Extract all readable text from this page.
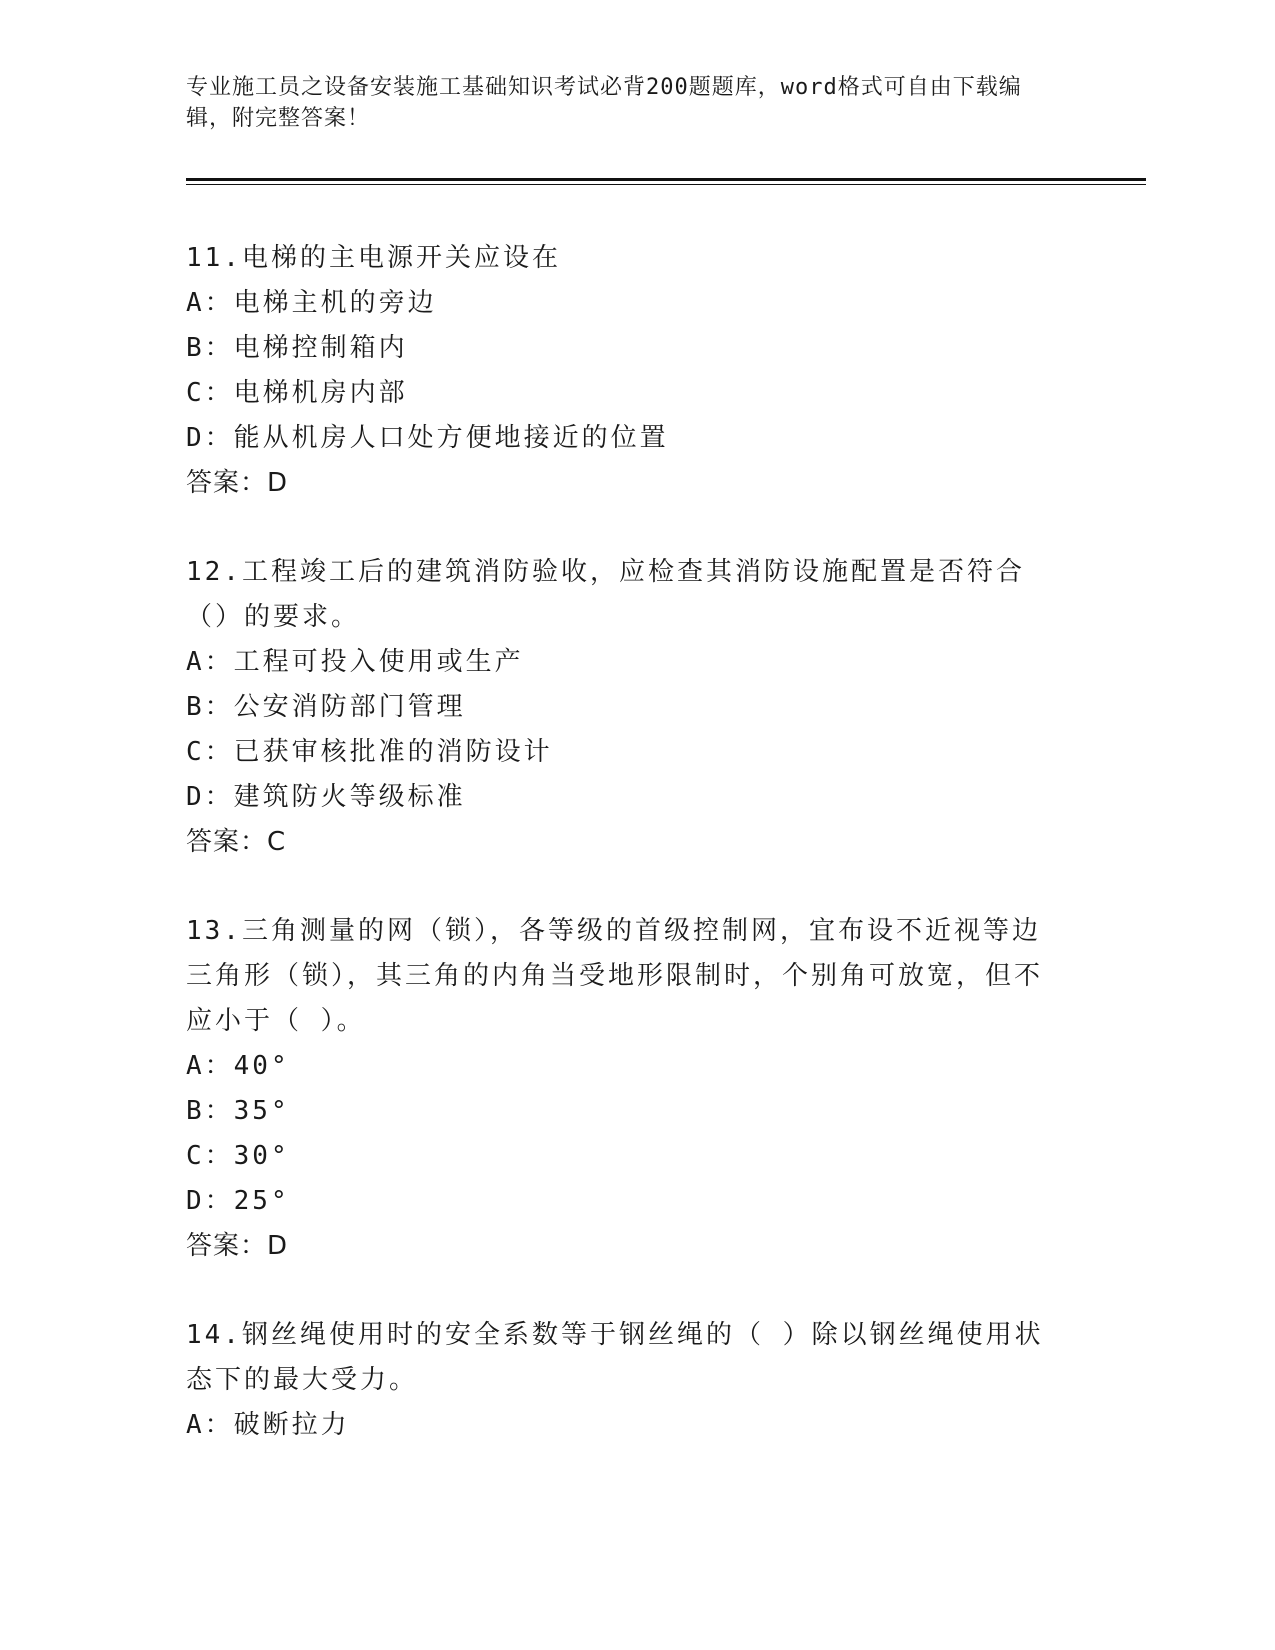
专业施工员之设备安装施工基础知识考试必背200题题库，word格式可自由下载编辑，附完整答案！

11.电梯的主电源开关应设在

A：电梯主机的旁边

B：电梯控制箱内

C：电梯机房内部

D：能从机房人口处方便地接近的位置

答案：D

12.工程竣工后的建筑消防验收，应检查其消防设施配置是否符合（）的要求。

A：工程可投入使用或生产

B：公安消防部门管理

C：已获审核批准的消防设计

D：建筑防火等级标准

答案：C

13.三角测量的网（锁），各等级的首级控制网，宜布设不近视等边三角形（锁），其三角的内角当受地形限制时，个别角可放宽，但不应小于（ ）。

A：40°

B：35°

C：30°

D：25°

答案：D

14.钢丝绳使用时的安全系数等于钢丝绳的（ ）除以钢丝绳使用状态下的最大受力。

A：破断拉力
